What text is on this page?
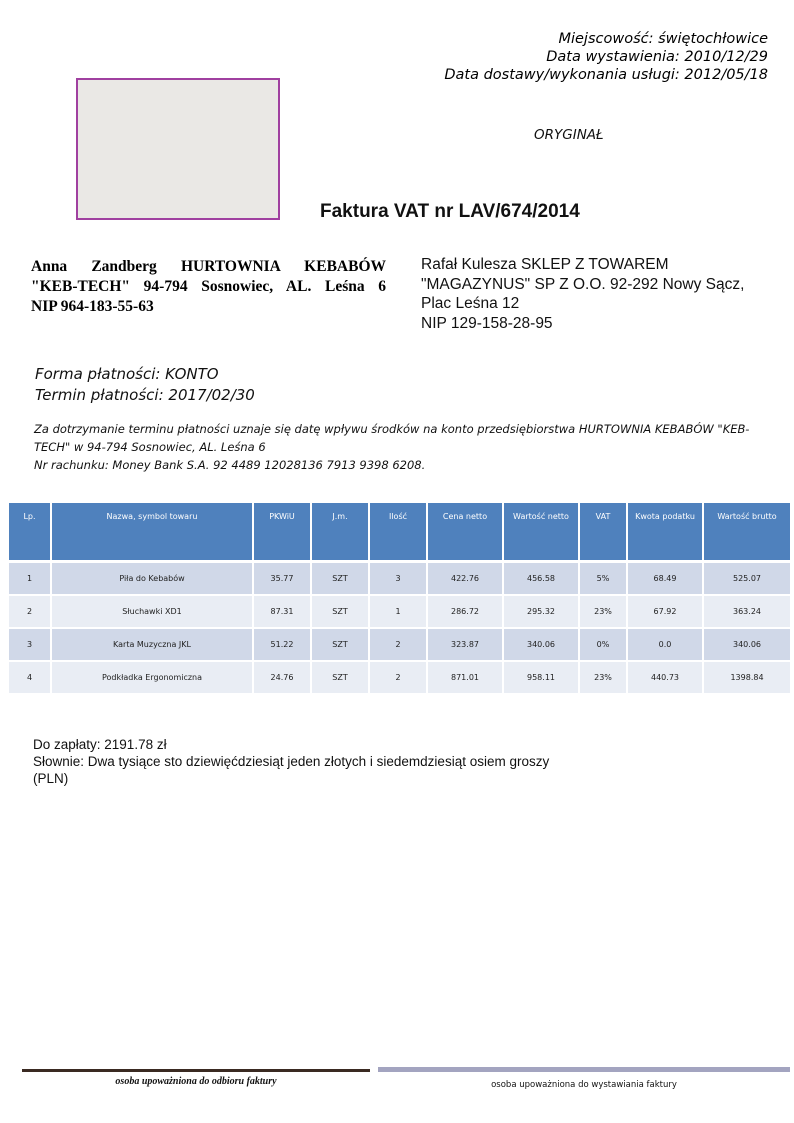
Miejscowość: świętochłowice
Data wystawienia: 2010/12/29
Data dostawy/wykonania usługi: 2012/05/18
ORYGINAŁ
Faktura VAT nr LAV/674/2014
Anna Zandberg HURTOWNIA KEBABÓW
"KEB-TECH" 94-794 Sosnowiec, AL. Leśna 6
NIP 964-183-55-63
Rafał Kulesza SKLEP Z TOWAREM
"MAGAZYNUS" SP Z O.O. 92-292 Nowy Sącz,
Plac Leśna 12
NIP 129-158-28-95
Forma płatności: KONTO
Termin płatności: 2017/02/30
Za dotrzymanie terminu płatności uznaje się datę wpływu środków na konto przedsiębiorstwa HURTOWNIA KEBABÓW "KEB-TECH" w 94-794 Sosnowiec, AL. Leśna 6
Nr rachunku: Money Bank S.A. 92 4489 12028136 7913 9398 6208.
Lp.	Nazwa, symbol towaru	PKWiU	J.m.	Ilość	Cena netto	Wartość netto	VAT	Kwota podatku	Wartość brutto
1	Piła do Kebabów	35.77	SZT	3	422.76	456.58	5%	68.49	525.07
2	Słuchawki XD1	87.31	SZT	1	286.72	295.32	23%	67.92	363.24
3	Karta Muzyczna JKL	51.22	SZT	2	323.87	340.06	0%	0.0	340.06
4	Podkładka Ergonomiczna	24.76	SZT	2	871.01	958.11	23%	440.73	1398.84
Do zapłaty: 2191.78 zł
Słownie: Dwa tysiące sto dziewięćdziesiąt jeden złotych i siedemdziesiąt osiem groszy
(PLN)
osoba upoważniona do odbioru faktury	osoba upoważniona do wystawiania faktury
